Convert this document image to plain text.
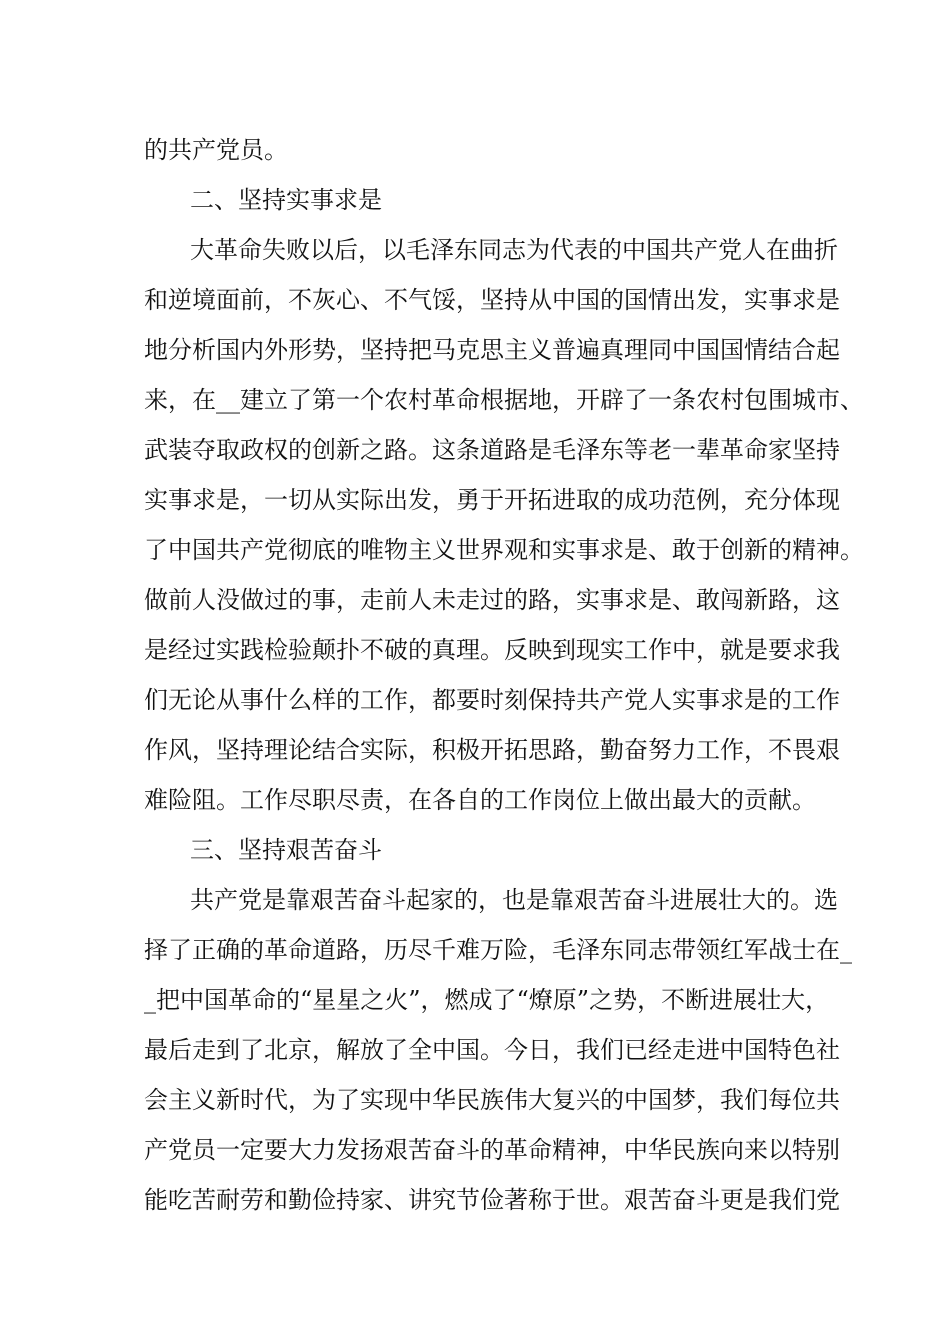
的共产党员。
二、坚持实事求是
大革命失败以后，以毛泽东同志为代表的中国共产党人在曲折
和逆境面前，不灰心、不气馁，坚持从中国的国情出发，实事求是
地分析国内外形势，坚持把马克思主义普遍真理同中国国情结合起
来，在__建立了第一个农村革命根据地，开辟了一条农村包围城市、
武装夺取政权的创新之路。这条道路是毛泽东等老一辈革命家坚持
实事求是，一切从实际出发，勇于开拓进取的成功范例，充分体现
了中国共产党彻底的唯物主义世界观和实事求是、敢于创新的精神。
做前人没做过的事，走前人未走过的路，实事求是、敢闯新路，这
是经过实践检验颠扑不破的真理。反映到现实工作中，就是要求我
们无论从事什么样的工作，都要时刻保持共产党人实事求是的工作
作风，坚持理论结合实际，积极开拓思路，勤奋努力工作，不畏艰
难险阻。工作尽职尽责，在各自的工作岗位上做出最大的贡献。
三、坚持艰苦奋斗
共产党是靠艰苦奋斗起家的，也是靠艰苦奋斗进展壮大的。选
择了正确的革命道路，历尽千难万险，毛泽东同志带领红军战士在_
_把中国革命的“星星之火”，燃成了“燎原”之势，不断进展壮大，
最后走到了北京，解放了全中国。今日，我们已经走进中国特色社
会主义新时代，为了实现中华民族伟大复兴的中国梦，我们每位共
产党员一定要大力发扬艰苦奋斗的革命精神，中华民族向来以特别
能吃苦耐劳和勤俭持家、讲究节俭著称于世。艰苦奋斗更是我们党
